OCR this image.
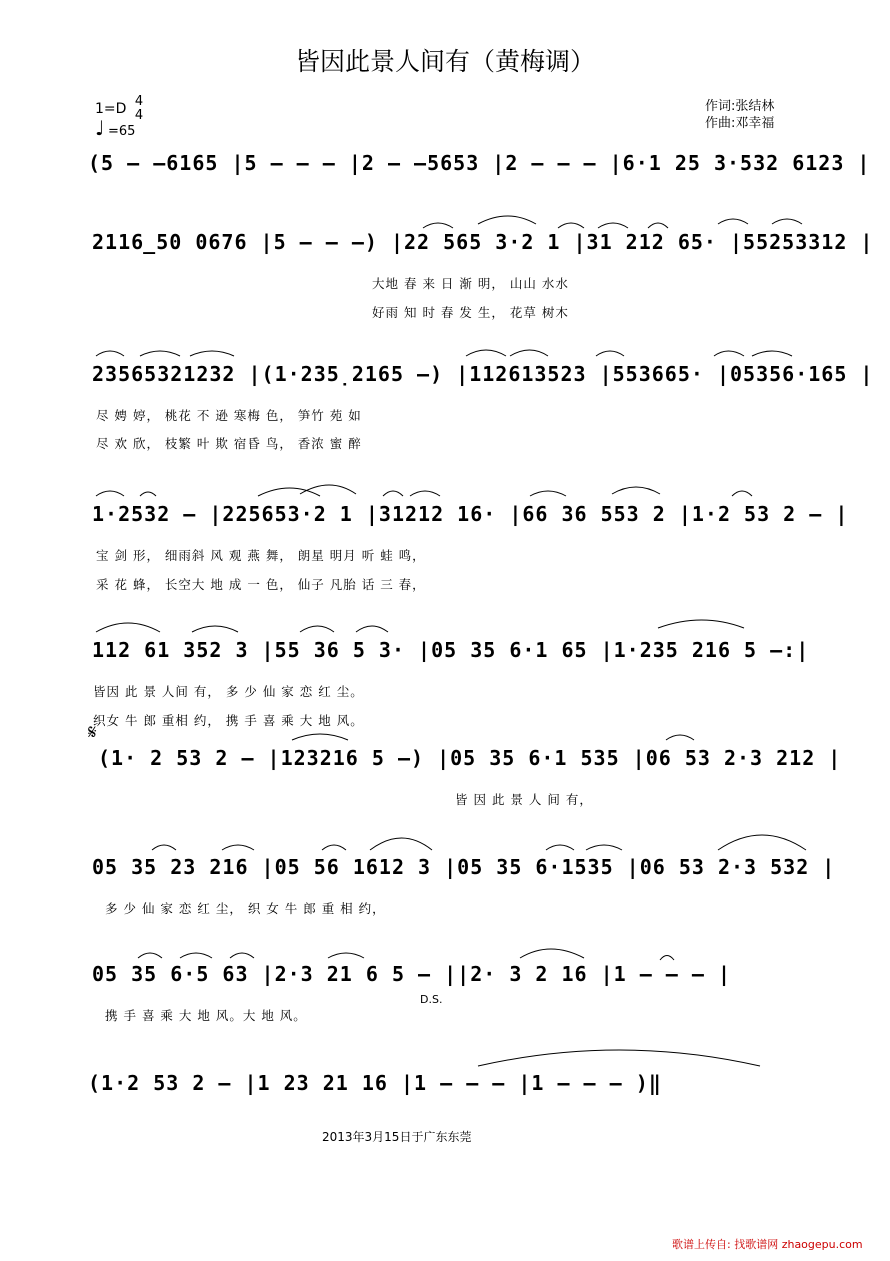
皆因此景人间有（黄梅调）
1=D 4
4
♩ =65
作词:张结林
作曲:邓幸福
(5 – –6165 |5 – – – |2 – –5653 |2 – – – |6·1 25 3·532 6123 |
2116̲50 0676 |5 – – –) |22 565 3·2 1 |31 212 65· |55253312 |
大地 春 来 日 渐 明， 山山 水水
好雨 知 时 春 发 生， 花草 树木
23565321232 |(1·235̣2165 –) |112613523 |553665· |05356·165 |
尽 娉 婷， 桃花 不 逊 寒梅 色， 笋竹 苑 如
尽 欢 欣， 枝繁 叶 欺 宿昏 鸟， 香浓 蜜 醉
1·2532 – |225653·2 1 |31212 16· |66 36 553 2 |1·2 53 2 – |
宝 剑 形， 细雨斜 风 观 燕 舞， 朗星 明月 听 蛙 鸣，
采 花 蜂， 长空大 地 成 一 色， 仙子 凡胎 话 三 春，
112 61 352 3 |55 36 5 3· |05 35 6·1 65 |1·235 216 5 –:|
皆因 此 景 人间 有， 多 少 仙 家 恋 红 尘。
织女 牛 郎 重相 约， 携 手 喜 乘 大 地 风。
𝄋
(1· 2 53 2 – |123216 5 –) |05 35 6·1 535 |06 53 2·3 212 |
皆 因 此 景 人 间 有，
05 35 23 216 |05 56 1612 3 |05 35 6·1535 |06 53 2·3 532 |
多 少 仙 家 恋 红 尘， 织 女 牛 郎 重 相 约，
05 35 6·5 63 |2·3 21 6 5 – ||2· 3 2 16 |1 – – – |
D.S.
携 手 喜 乘 大 地 风。大 地 风。
(1·2 53 2 – |1 23 21 16 |1 – – – |1 – – – )‖
2013年3月15日于广东东莞
歌谱上传自: 找歌谱网 zhaogepu.com
